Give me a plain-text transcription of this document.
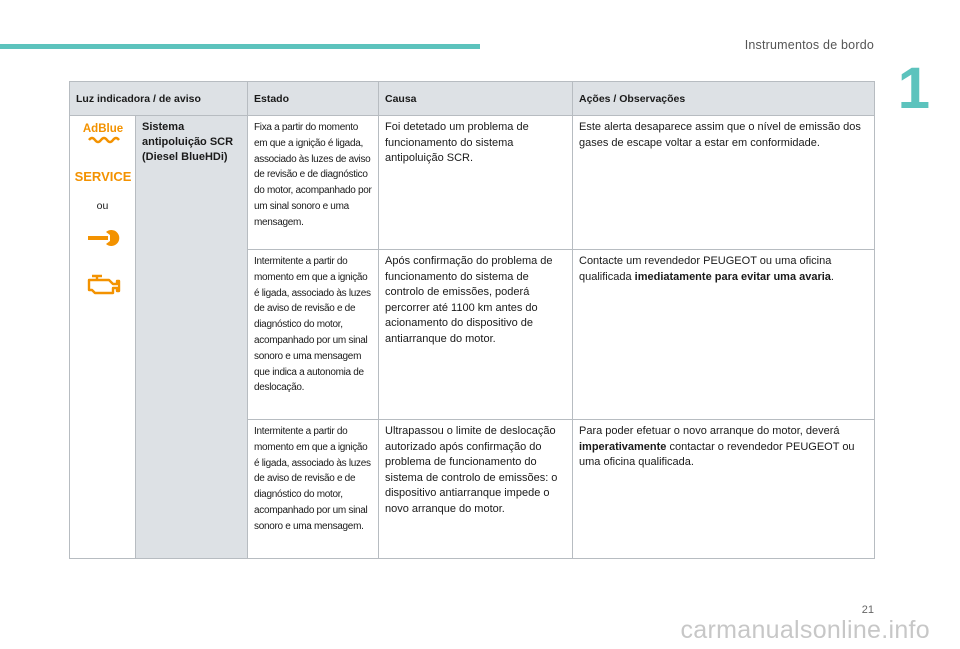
Instrumentos de bordo
1
Luz indicadora / de aviso		Estado	Causa	Ações / Observações

AdBlue
SERVICE
ou	Sistema antipoluição SCR (Diesel BlueHDi)	Fixa a partir do momento em que a ignição é ligada, associado às luzes de aviso de revisão e de diagnóstico do motor, acompanhado por um sinal sonoro e uma mensagem.	Foi detetado um problema de funcionamento do sistema antipoluição SCR.	Este alerta desaparece assim que o nível de emissão dos gases de escape voltar a estar em conformidade.
		Intermitente a partir do momento em que a ignição é ligada, associado às luzes de aviso de revisão e de diagnóstico do motor, acompanhado por um sinal sonoro e uma mensagem que indica a autonomia de deslocação.	Após confirmação do problema de funcionamento do sistema de controlo de emissões, poderá percorrer até 1100 km antes do acionamento do dispositivo de antiarranque do motor.	Contacte um revendedor PEUGEOT ou uma oficina qualificada imediatamente para evitar uma avaria.
		Intermitente a partir do momento em que a ignição é ligada, associado às luzes de aviso de revisão e de diagnóstico do motor, acompanhado por um sinal sonoro e uma mensagem.	Ultrapassou o limite de deslocação autorizado após confirmação do problema de funcionamento do sistema de controlo de emissões: o dispositivo antiarranque impede o novo arranque do motor.	Para poder efetuar o novo arranque do motor, deverá imperativamente contactar o revendedor PEUGEOT ou uma oficina qualificada.
21
carmanualsonline.info
